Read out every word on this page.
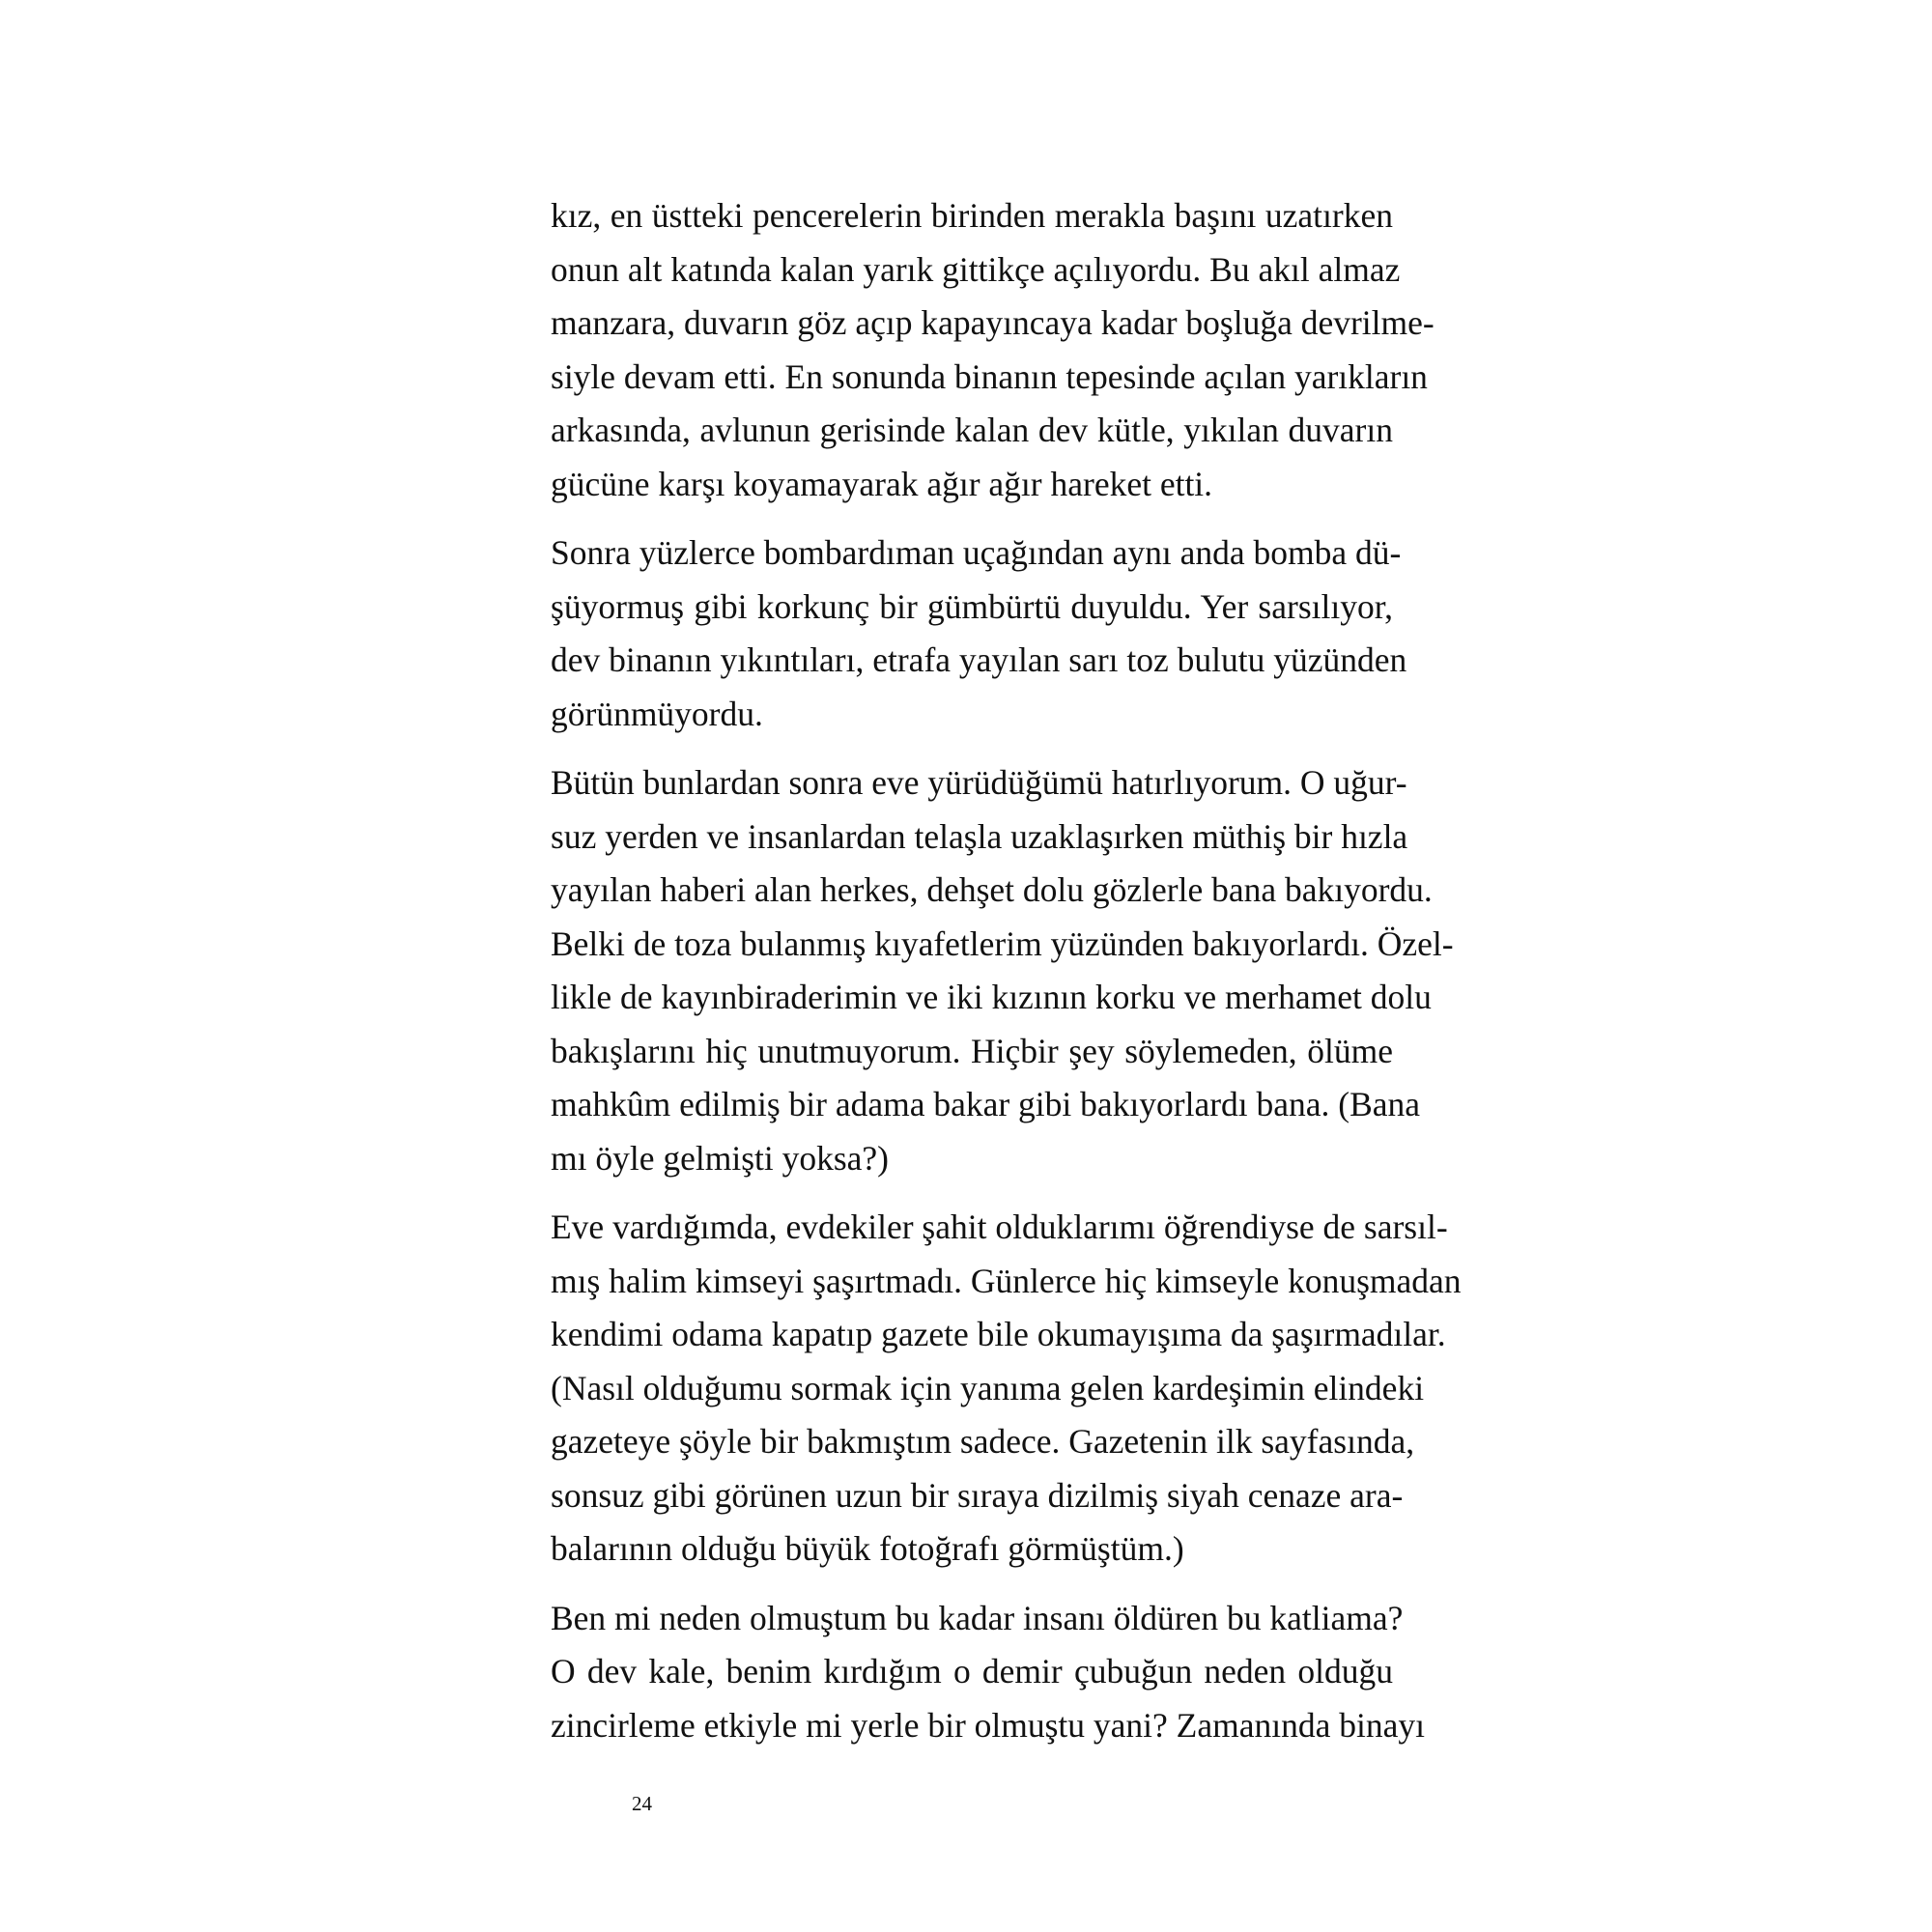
kız, en üstteki pencerelerin birinden merakla başını uzatırken
onun alt katında kalan yarık gittikçe açılıyordu. Bu akıl almaz
manzara, duvarın göz açıp kapayıncaya kadar boşluğa devrilme-
siyle devam etti. En sonunda binanın tepesinde açılan yarıkların
arkasında, avlunun gerisinde kalan dev kütle, yıkılan duvarın
gücüne karşı koyamayarak ağır ağır hareket etti.

Sonra yüzlerce bombardıman uçağından aynı anda bomba dü-
şüyormuş gibi korkunç bir gümbürtü duyuldu. Yer sarsılıyor,
dev binanın yıkıntıları, etrafa yayılan sarı toz bulutu yüzünden
görünmüyordu.

Bütün bunlardan sonra eve yürüdüğümü hatırlıyorum. O uğur-
suz yerden ve insanlardan telaşla uzaklaşırken müthiş bir hızla
yayılan haberi alan herkes, dehşet dolu gözlerle bana bakıyordu.
Belki de toza bulanmış kıyafetlerim yüzünden bakıyorlardı. Özel-
likle de kayınbiraderimin ve iki kızının korku ve merhamet dolu
bakışlarını hiç unutmuyorum. Hiçbir şey söylemeden, ölüme
mahkûm edilmiş bir adama bakar gibi bakıyorlardı bana. (Bana
mı öyle gelmişti yoksa?)

Eve vardığımda, evdekiler şahit olduklarımı öğrendiyse de sarsıl-
mış halim kimseyi şaşırtmadı. Günlerce hiç kimseyle konuşmadan
kendimi odama kapatıp gazete bile okumayışıma da şaşırmadılar.
(Nasıl olduğumu sormak için yanıma gelen kardeşimin elindeki
gazeteye şöyle bir bakmıştım sadece. Gazetenin ilk sayfasında,
sonsuz gibi görünen uzun bir sıraya dizilmiş siyah cenaze ara-
balarının olduğu büyük fotoğrafı görmüştüm.)

Ben mi neden olmuştum bu kadar insanı öldüren bu katliama?
O dev kale, benim kırdığım o demir çubuğun neden olduğu
zincirleme etkiyle mi yerle bir olmuştu yani? Zamanında binayı

24
